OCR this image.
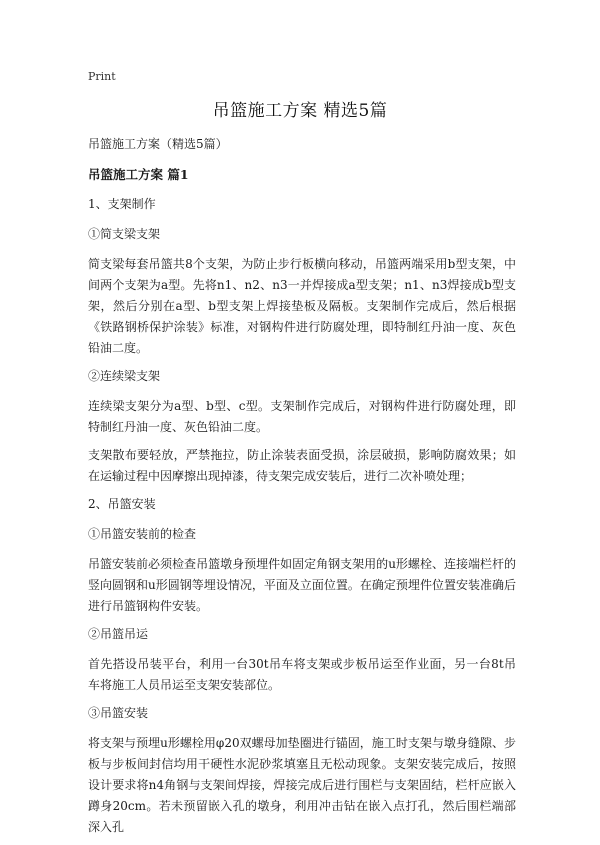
Print
吊篮施工方案 精选5篇

吊篮施工方案（精选5篇）

吊篮施工方案 篇1

1、支架制作

①简支梁支架

简支梁每套吊篮共8个支架，为防止步行板横向移动，吊篮两端采用b型支架，中间两个支架为a型。先将n1、n2、n3一并焊接成a型支架；n1、n3焊接成b型支架，然后分别在a型、b型支架上焊接垫板及隔板。支架制作完成后，然后根据《铁路钢桥保护涂装》标准，对钢构件进行防腐处理，即特制红丹油一度、灰色铅油二度。

②连续梁支架

连续梁支架分为a型、b型、c型。支架制作完成后，对钢构件进行防腐处理，即特制红丹油一度、灰色铅油二度。

支架散布要轻放，严禁拖拉，防止涂装表面受损，涂层破损，影响防腐效果；如在运输过程中因摩擦出现掉漆，待支架完成安装后，进行二次补喷处理；

2、吊篮安装

①吊篮安装前的检查

吊篮安装前必须检查吊篮墩身预埋件如固定角钢支架用的u形螺栓、连接端栏杆的竖向圆钢和u形圆钢等埋设情况，平面及立面位置。在确定预埋件位置安装准确后进行吊篮钢构件安装。

②吊篮吊运

首先搭设吊装平台，利用一台30t吊车将支架或步板吊运至作业面，另一台8t吊车将施工人员吊运至支架安装部位。

③吊篮安装

将支架与预埋u形螺栓用φ20双螺母加垫圈进行锚固，施工时支架与墩身缝隙、步板与步板间封信均用干硬性水泥砂浆填塞且无松动现象。支架安装完成后，按照设计要求将n4角钢与支架间焊接，焊接完成后进行围栏与支架固结，栏杆应嵌入蹲身20cm。若未预留嵌入孔的墩身，利用冲击钻在嵌入点打孔，然后围栏端部深入孔
